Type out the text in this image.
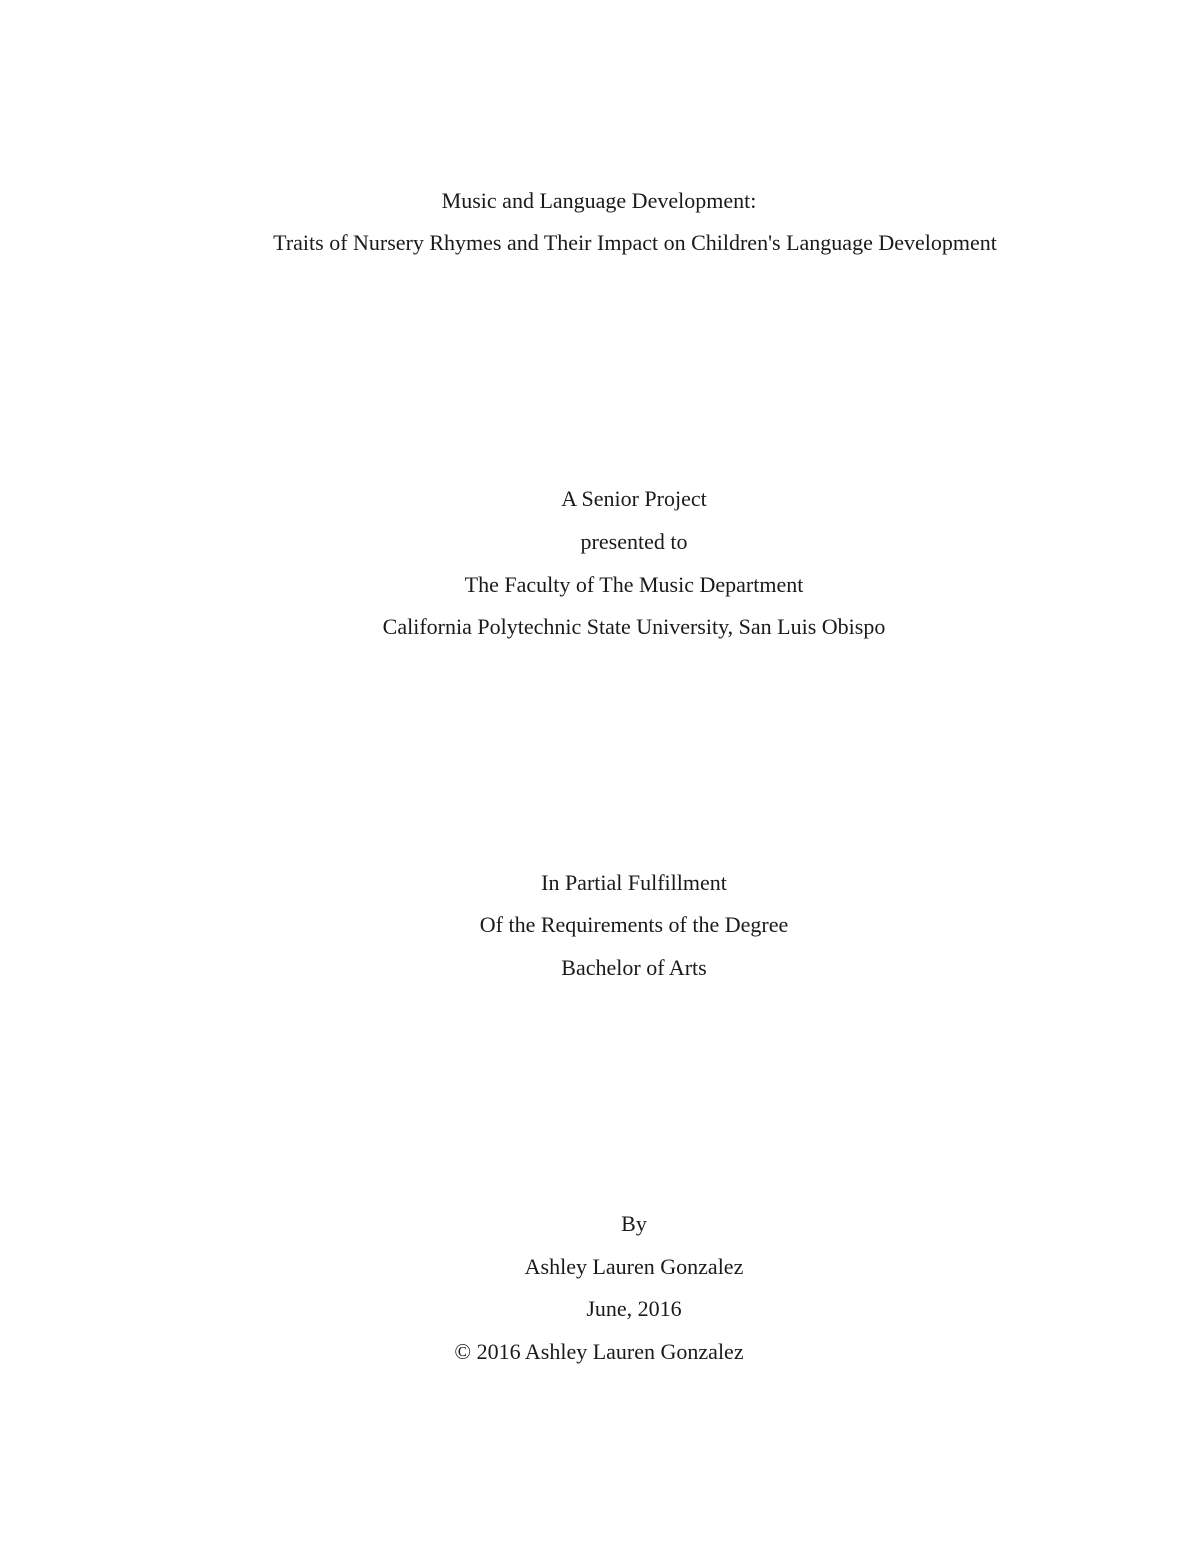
Music and Language Development:
Traits of Nursery Rhymes and Their Impact on Children's Language Development
A Senior Project
presented to
The Faculty of The Music Department
California Polytechnic State University, San Luis Obispo
In Partial Fulfillment
Of the Requirements of the Degree
Bachelor of Arts
By
Ashley Lauren Gonzalez
June, 2016
© 2016 Ashley Lauren Gonzalez
